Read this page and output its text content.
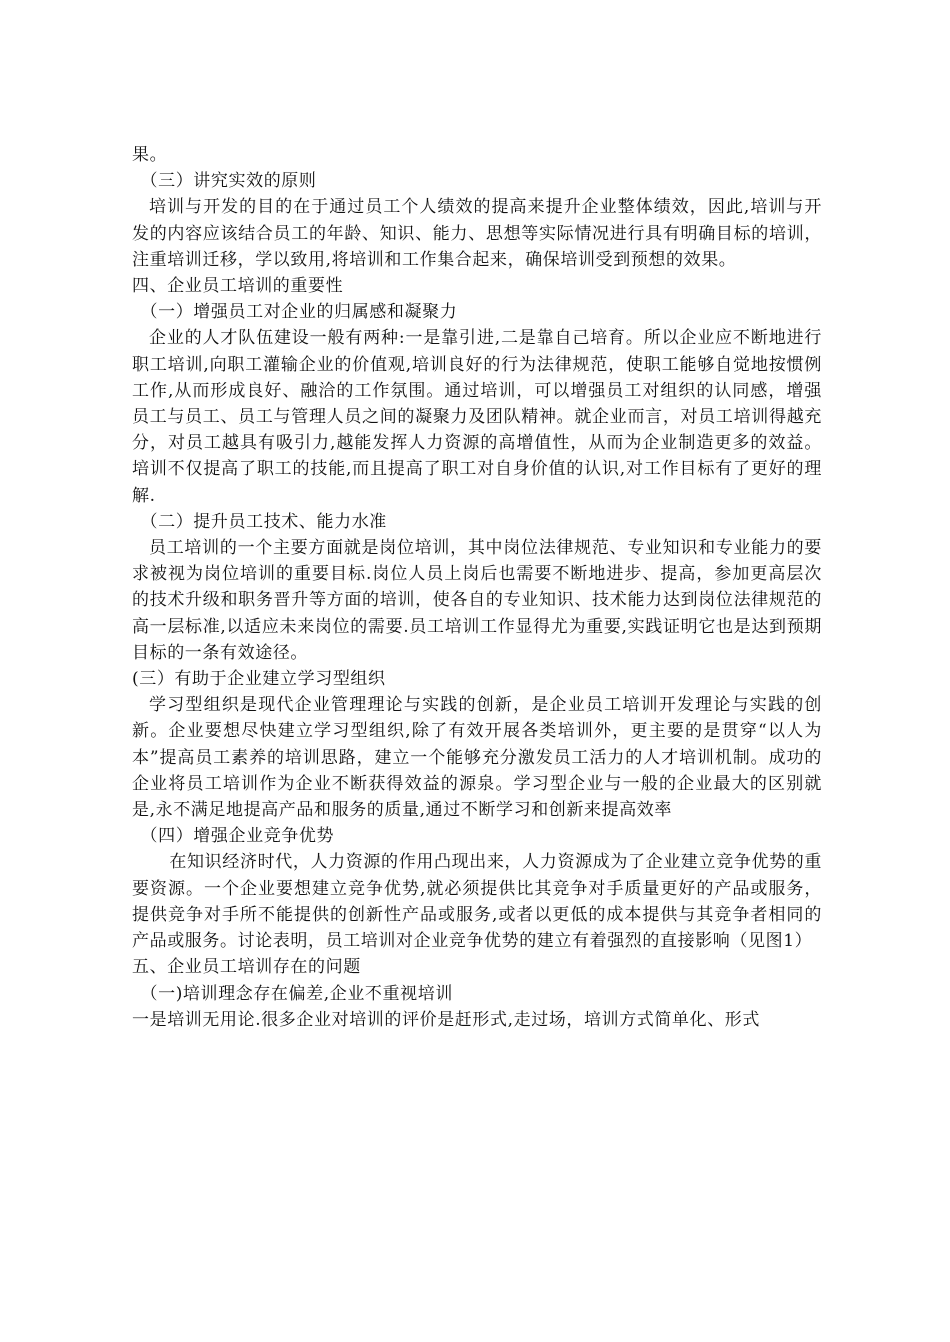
果。

（三）讲究实效的原则

培训与开发的目的在于通过员工个人绩效的提高来提升企业整体绩效，因此,培训与开发的内容应该结合员工的年龄、知识、能力、思想等实际情况进行具有明确目标的培训，注重培训迁移，学以致用,将培训和工作集合起来，确保培训受到预想的效果。

四、企业员工培训的重要性

（一）增强员工对企业的归属感和凝聚力

企业的人才队伍建设一般有两种:一是靠引进,二是靠自己培育。所以企业应不断地进行职工培训,向职工灌输企业的价值观,培训良好的行为法律规范，使职工能够自觉地按惯例工作,从而形成良好、融洽的工作氛围。通过培训，可以增强员工对组织的认同感，增强员工与员工、员工与管理人员之间的凝聚力及团队精神。就企业而言，对员工培训得越充分，对员工越具有吸引力,越能发挥人力资源的高增值性，从而为企业制造更多的效益。培训不仅提高了职工的技能,而且提高了职工对自身价值的认识,对工作目标有了更好的理解.

（二）提升员工技术、能力水准

员工培训的一个主要方面就是岗位培训，其中岗位法律规范、专业知识和专业能力的要求被视为岗位培训的重要目标.岗位人员上岗后也需要不断地进步、提高，参加更高层次的技术升级和职务晋升等方面的培训，使各自的专业知识、技术能力达到岗位法律规范的高一层标准,以适应未来岗位的需要.员工培训工作显得尤为重要,实践证明它也是达到预期目标的一条有效途径。

(三）有助于企业建立学习型组织

学习型组织是现代企业管理理论与实践的创新，是企业员工培训开发理论与实践的创新。企业要想尽快建立学习型组织,除了有效开展各类培训外，更主要的是贯穿“以人为本”提高员工素养的培训思路，建立一个能够充分激发员工活力的人才培训机制。成功的企业将员工培训作为企业不断获得效益的源泉。学习型企业与一般的企业最大的区别就是,永不满足地提高产品和服务的质量,通过不断学习和创新来提高效率

（四）增强企业竞争优势

在知识经济时代，人力资源的作用凸现出来，人力资源成为了企业建立竞争优势的重要资源。一个企业要想建立竞争优势,就必须提供比其竞争对手质量更好的产品或服务，提供竞争对手所不能提供的创新性产品或服务,或者以更低的成本提供与其竞争者相同的产品或服务。讨论表明，员工培训对企业竞争优势的建立有着强烈的直接影响（见图1）

五、企业员工培训存在的问题

（一)培训理念存在偏差,企业不重视培训

一是培训无用论.很多企业对培训的评价是赶形式,走过场，培训方式简单化、形式
